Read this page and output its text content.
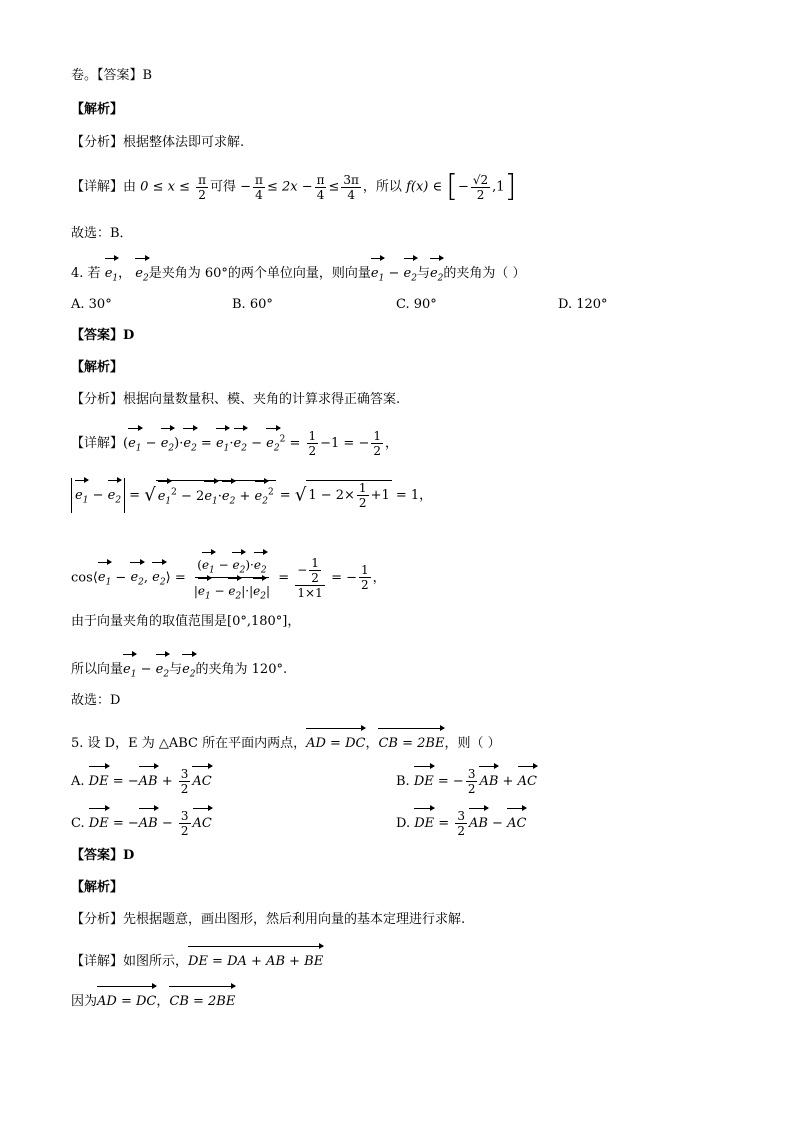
卷。【答案】B
【解析】
【分析】根据整体法即可求解.
【详解】由 $0 \le x \le \frac{\pi}{2}$ 可得 − $\frac{\pi}{4} \le 2x - \frac{\pi}{4} \le \frac{3\pi}{4}$ ，所以 f(x) ∈ [− $\frac{√2}{2} ,1$]
故选：B．
4. 若 $e_1$， $e_2$是夹角为 60°的两个单位向量，则向量$e_1 - e_2$与$e_2$的夹角为（ ）
A. 30°	B. 60°	C. 90°	D. 120°
【答案】D
【解析】
【分析】根据向量数量积、模、夹角的计算求得正确答案.
【详解】$(e_1 - e_2)\cdot e_2 = e_1\cdot e_2 - e_2^2 = \frac{1}{2} -1$ = − $\frac{1}{2}$ ，
$e_1 - e_2$ = √ $e_1^2 - 2e_1\cdot e_2 + e_2^2$ = √ $1 - 2\times \frac{1}{2} +1 = 1$，
$\cos⟨e_1 - e_2$, $e_2⟩ = \frac{(e_1 - e_2)\cdot e_2}{|e_1 - e_2|\cdot|e_2|} = \frac{- \frac{1}{2}}{1\times 1}$ = − $\frac{1}{2}$ ，
由于向量夹角的取值范围是[0°,180°]，
所以向量$e_1 - e_2$与$e_2$的夹角为 120°.
故选：D
5. 设 D，E 为 △ABC 所在平面内两点，AD = DC，CB = 2BE，则（ ）
A. DE = $-AB + \frac{3}{2}$ AC	B. DE = − $\frac{3}{2}$ AB + AC
C. DE = $-AB - \frac{3}{2}$ AC	D. DE = $\frac{3}{2}$ AB − AC
【答案】D
【解析】
【分析】先根据题意，画出图形，然后利用向量的基本定理进行求解.
【详解】如图所示，DE = DA + AB + BE
因为AD = DC，CB = 2BE
